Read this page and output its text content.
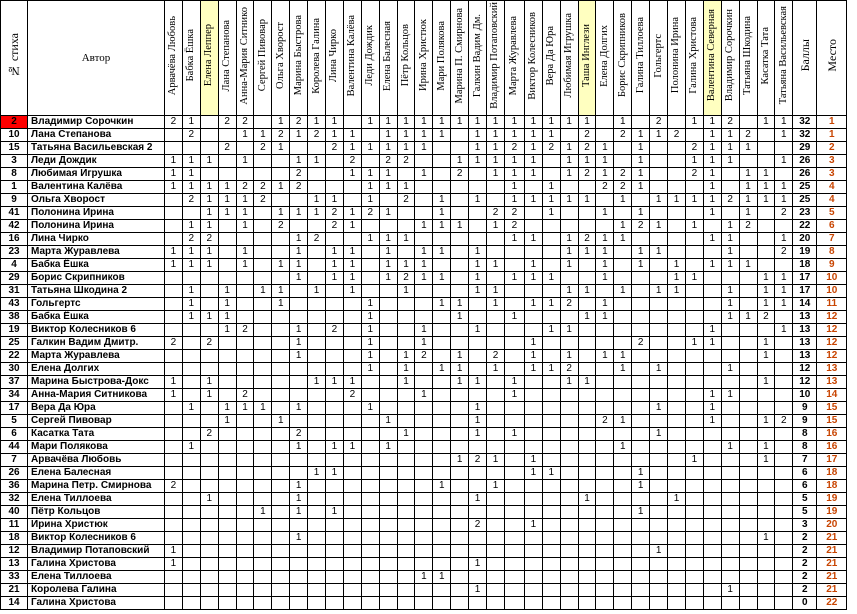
№ стиха	Автор	Арвачёва Любовь	Бабка Ёшка	Елена Леппер	Лана Степанова	Анна-Мария Ситнико	Сергей Пивовар	Ольга Хворост	Марина Быстрова	Королева Галина	Лина Чирко	Валентина Калёва	Леди Дождик	Елена Балесная	Пётр Кольцов	Ирина Христюк	Мари Полякова	Марина П. Смирнова	Галкин Вадим Дм.	Владимир Потаповский	Марта Журавлева	Виктор Колесников	Вера Да Юра	Любимая Игрушка	Таша Инглези	Елена Долгих	Борис Скрипников	Галина Тиллоева	Гольгертс	Полонина Ирина	Галина Христова	Валентина Северная	Владимир Сорочкин	Татьяна Шкодина	Касатка Тата	Татьяна Васильевская	Баллы	Место
2	Владимир Сорочкин	2	1		2	2		1	2	1	1		1	1	1	1	1	1	1	1	1	1	1	1	1		1		2		1	1	2		1	1	32	1
10	Лана Степанова		2			1	1	2	1	2	1	1		1	1	1	1		1	1	1	1	1		2		2	1	1	2		1	1	2		1	32	1
15	Татьяна Васильевская 2				2		2	1			2	1	1	1	1	1			1	1	2	1	2	1	2	1		1			2	1	1	1			29	2
3	Леди Дождик	1	1	1		1			1	1		2		2	2			1	1	1	1	1		1	1	1		1			1	1	1			1	26	3
8	Любимая Игрушка	1	1						2			1	1	1		1		2		1	1	1		1	2	1	2	1			2	1		1	1		26	3
1	Валентина Калёва	1	1	1	1	2	2	1	2				1	1	1						1		1			2	2	1				1		1	1	1	25	4
9	Ольга Хворост		2	1	1	1	2			1	1		1		2		1		1		1	1	1	1	1		1		1	1	1	1	2	1	1	1	25	4
41	Полонина Ирина			1	1	1		1	1	1	2	1	2	1			1			2	2		1			1		1				1		1		2	23	5
42	Полонина Ирина		1	1		1		2			2	1				1	1	1		1	2						1	2	1		1		1	2			22	6
16	Лина Чирко		2	2					1	2			1	1	1						1	1		1	2	1	1					1	1			1	20	7
23	Марта Журавлева	1	1	1		1			1		1	1		1		1	1		1					1	1	1		1	1				1			2	19	8
4	Бабка Ёшка	1	1	1		1		1	1		1	1		1	1	1			1	1		1		1		1		1		1		1	1	1			18	9
29	Борис Скрипников								1		1	1		1	2	1	1		1		1	1	1			1				1	1				1	1	17	10
31	Татьяна Шкодина 2		1		1		1	1		1		1			1				1	1				1	1		1		1	1			1		1	1	17	10
43	Гольгертс		1		1			1					1				1	1		1		1	1	2		1							1		1	1	14	11
38	Бабка Ёшка		1	1	1								1					1			1				1	1							1	1	2		13	12
19	Виктор Колесников 6				1	2			1		2		1			1			1				1	1								1				1	13	12
25	Галкин Вадим Дмитр.	2		2					1				1			1						1						2			1	1			1		13	12
22	Марта Журавлева								1				1		1	2		1		2		1		1		1	1								1		13	12
30	Елена Долгих												1		1		1	1		1		1	1	2			1		1				1				12	13
37	Марина Быстрова-Докс	1		1						1	1	1			1			1	1		1			1	1										1		12	13
34	Анна-Мария Ситникова	1		1		2						2				1					1											1	1				10	14
17	Вера Да Юра		1		1	1	1		1				1						1										1			1					9	15
5	Сергей Пивовар				1			1						1					1							2	1					1			1	2	9	15
6	Касатка Тата			2					2						1				1		1								1								8	16
44	Мари Полякова		1						1		1	1		1													1						1		1		8	16
7	Арвачёва Любовь																	1	2	1		1									1				1		7	17
26	Елена Балесная									1	1											1	1					1									6	18
36	Марина Петр. Смирнова	2							1								1			1								1									6	18
32	Елена Тиллоева			1					1										1						1					1							5	19
40	Пётр Кольцов						1		1		1																	1									5	19
11	Ирина Христюк																		2			1															3	20
18	Виктор Колесников 6								1																										1		2	21
12	Владимир Потаповский	1																											1								2	21
13	Галина Христова	1																	1																		2	21
33	Елена Тиллоева															1	1																				2	21
21	Королева Галина																		1														1				2	21
14	Галина Христова																																				0	22
